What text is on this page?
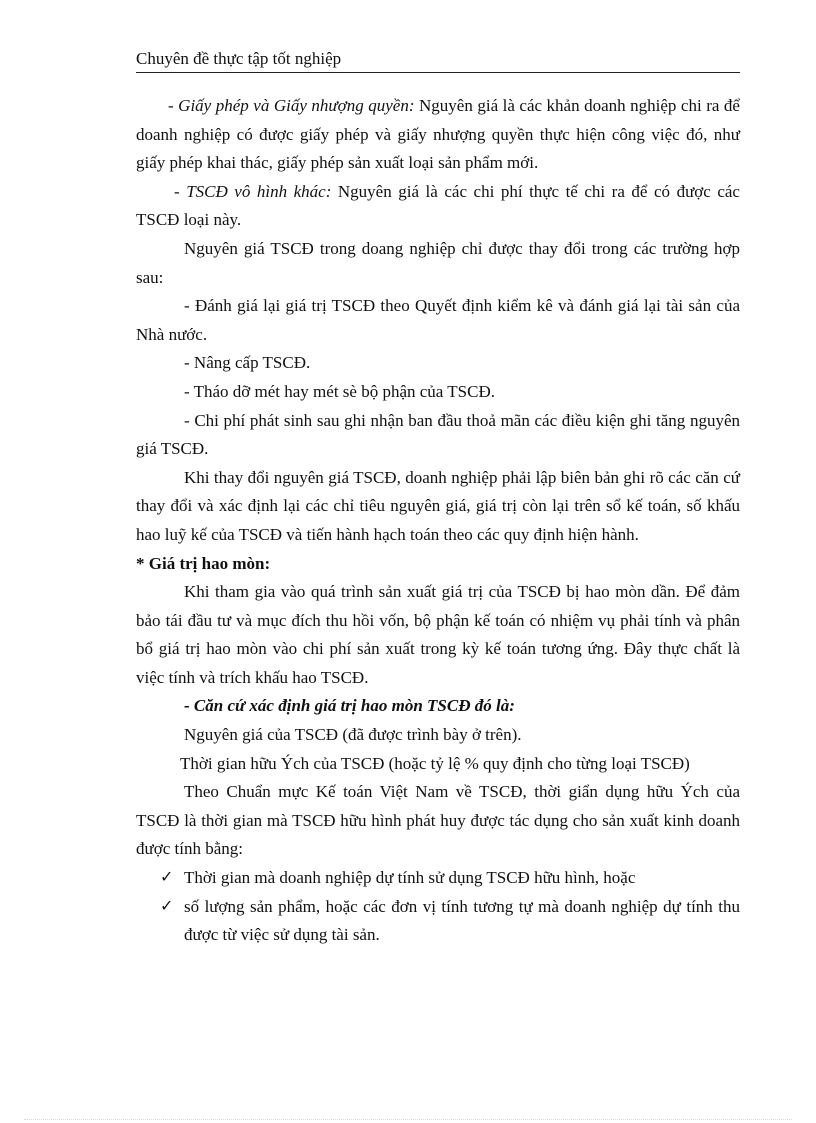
Chuyên đề thực tập tốt nghiệp

- Giấy phép và Giấy nhượng quyền: Nguyên giá là các khản doanh nghiệp chi ra để doanh nghiệp có được giấy phép và giấy nhượng quyền thực hiện công việc đó, như giấy phép khai thác, giấy phép sản xuất loại sản phẩm mới.

- TSCĐ vô hình khác: Nguyên giá là các chi phí thực tế chi ra để có được các TSCĐ loại này.

Nguyên giá TSCĐ trong doang nghiệp chỉ được thay đổi trong các trường hợp sau:

- Đánh giá lại giá trị TSCĐ theo Quyết định kiểm kê và đánh giá lại tài sản của Nhà nước.

- Nâng cấp TSCĐ.

- Tháo dỡ mét hay mét sè bộ phận của TSCĐ.

- Chi phí phát sinh sau ghi nhận ban đầu thoả mãn các điều kiện ghi tăng nguyên giá TSCĐ.

Khi thay đổi nguyên giá TSCĐ, doanh nghiệp phải lập biên bản ghi rõ các căn cứ thay đổi và xác định lại các chỉ tiêu nguyên giá, giá trị còn lại trên sổ kế toán, số khấu hao luỹ kế của TSCĐ và tiến hành hạch toán theo các quy định hiện hành.

* Giá trị hao mòn:

Khi tham gia vào quá trình sản xuất giá trị của TSCĐ bị hao mòn dần. Để đảm bảo tái đầu tư và mục đích thu hồi vốn, bộ phận kế toán có nhiệm vụ phải tính và phân bổ giá trị hao mòn vào chi phí sản xuất trong kỳ kế toán tương ứng. Đây thực chất là việc tính và trích khấu hao TSCĐ.

- Căn cứ xác định giá trị hao mòn TSCĐ đó là:

Nguyên giá của TSCĐ (đã được trình bày ở trên).

Thời gian hữu Ých của TSCĐ (hoặc tỷ lệ % quy định cho từng loại TSCĐ)

Theo Chuẩn mực Kế toán Việt Nam về TSCĐ, thời giẩn dụng hữu Ých của TSCĐ là thời gian mà TSCĐ hữu hình phát huy được tác dụng cho sản xuất kinh doanh được tính bằng:

✓ Thời gian mà doanh nghiệp dự tính sử dụng TSCĐ hữu hình, hoặc
✓ số lượng sản phẩm, hoặc các đơn vị tính tương tự mà doanh nghiệp dự tính thu được từ việc sử dụng tài sản.
